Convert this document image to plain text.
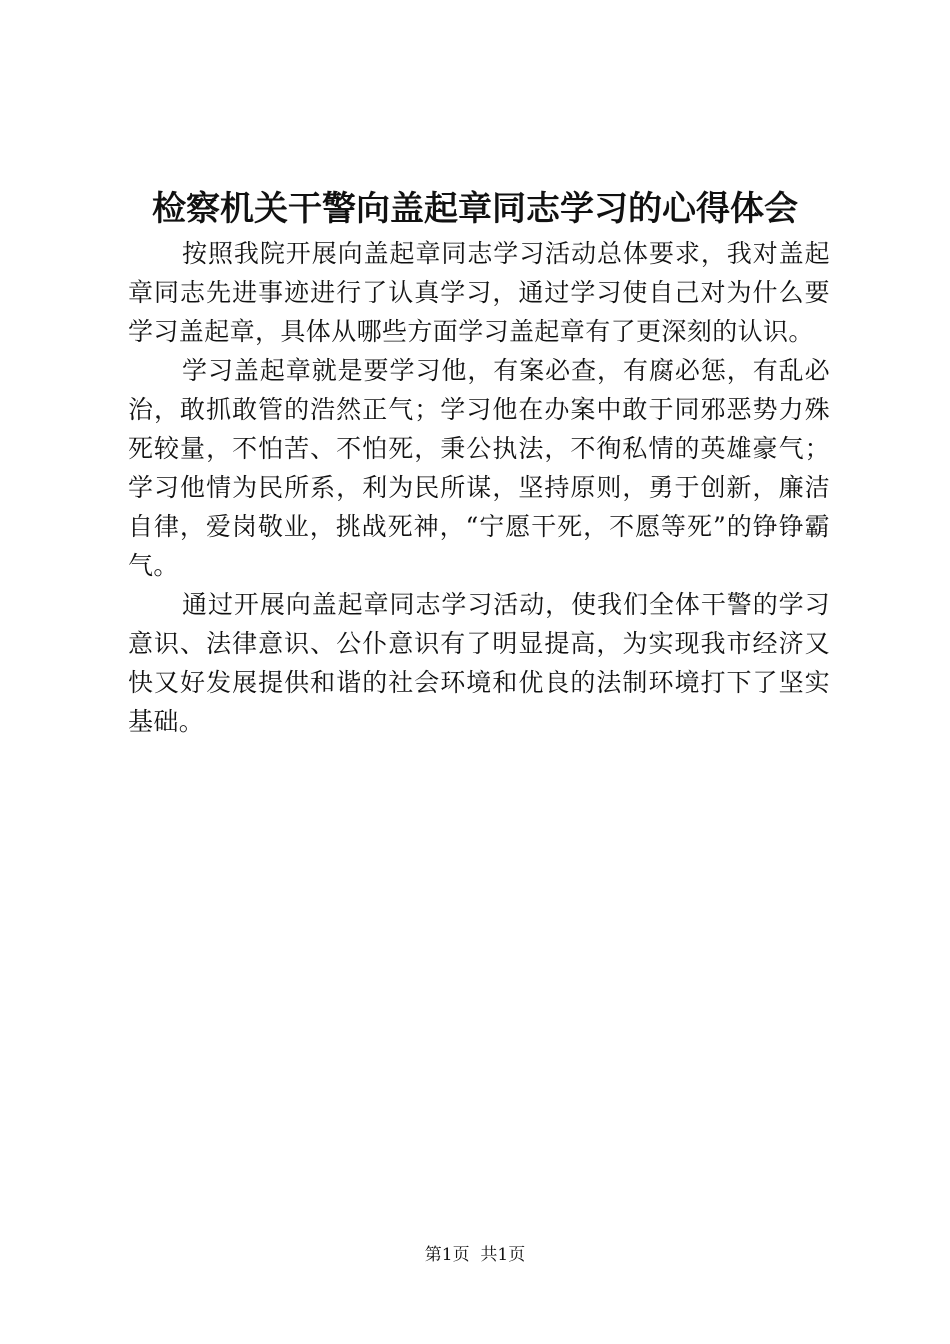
检察机关干警向盖起章同志学习的心得体会

按照我院开展向盖起章同志学习活动总体要求，我对盖起章同志先进事迹进行了认真学习，通过学习使自己对为什么要学习盖起章，具体从哪些方面学习盖起章有了更深刻的认识。

学习盖起章就是要学习他，有案必查，有腐必惩，有乱必治，敢抓敢管的浩然正气；学习他在办案中敢于同邪恶势力殊死较量，不怕苦、不怕死，秉公执法，不徇私情的英雄豪气；学习他情为民所系，利为民所谋，坚持原则，勇于创新，廉洁自律，爱岗敬业，挑战死神，“宁愿干死，不愿等死”的铮铮霸气。

通过开展向盖起章同志学习活动，使我们全体干警的学习意识、法律意识、公仆意识有了明显提高，为实现我市经济又快又好发展提供和谐的社会环境和优良的法制环境打下了坚实基础。

第1页  共1页
